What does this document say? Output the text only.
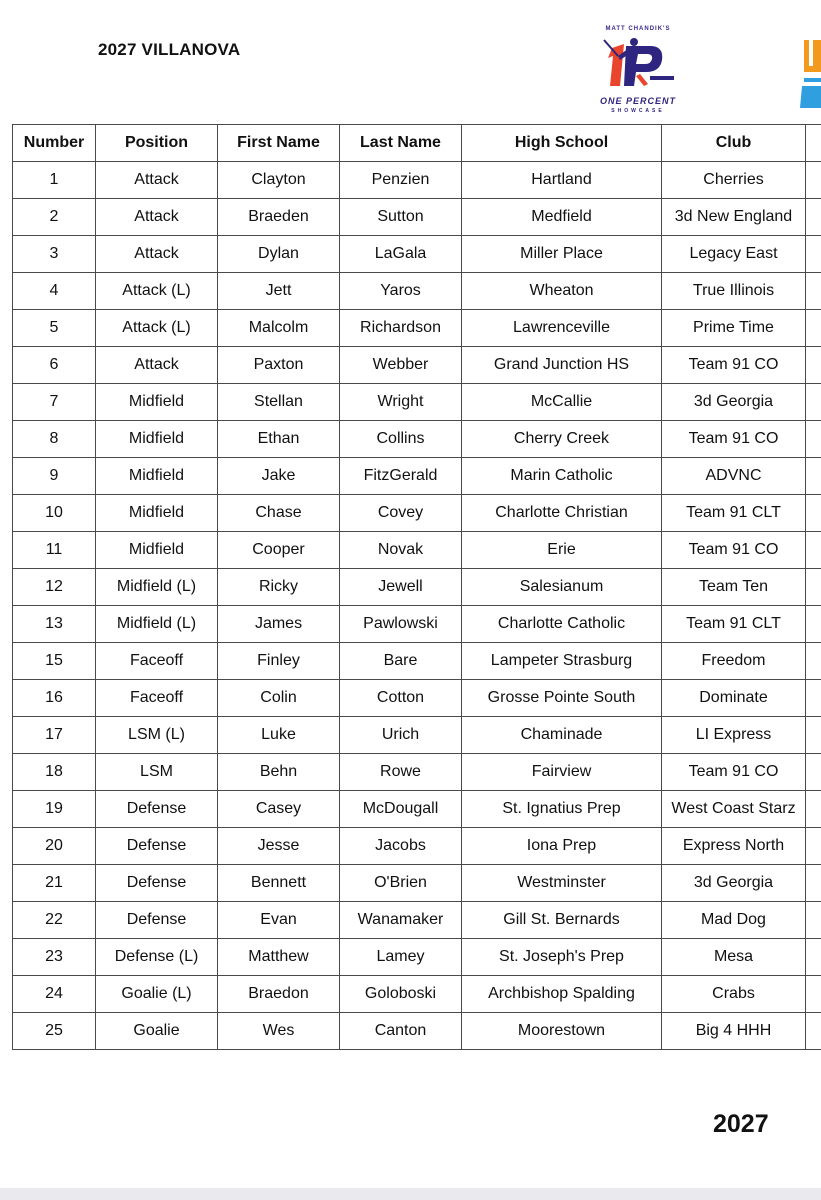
2027 VILLANOVA
MATT CHANDIK'S
ONE PERCENT
SHOWCASE
Number	Position	First Name	Last Name	High School	Club	
1	Attack	Clayton	Penzien	Hartland	Cherries	
2	Attack	Braeden	Sutton	Medfield	3d New England	
3	Attack	Dylan	LaGala	Miller Place	Legacy East	
4	Attack (L)	Jett	Yaros	Wheaton	True Illinois	
5	Attack (L)	Malcolm	Richardson	Lawrenceville	Prime Time	
6	Attack	Paxton	Webber	Grand Junction HS	Team 91 CO	
7	Midfield	Stellan	Wright	McCallie	3d Georgia	
8	Midfield	Ethan	Collins	Cherry Creek	Team 91 CO	
9	Midfield	Jake	FitzGerald	Marin Catholic	ADVNC	
10	Midfield	Chase	Covey	Charlotte Christian	Team 91 CLT	
11	Midfield	Cooper	Novak	Erie	Team 91 CO	
12	Midfield (L)	Ricky	Jewell	Salesianum	Team Ten	
13	Midfield (L)	James	Pawlowski	Charlotte Catholic	Team 91 CLT	
15	Faceoff	Finley	Bare	Lampeter Strasburg	Freedom	
16	Faceoff	Colin	Cotton	Grosse Pointe South	Dominate	
17	LSM (L)	Luke	Urich	Chaminade	LI Express	
18	LSM	Behn	Rowe	Fairview	Team 91 CO	
19	Defense	Casey	McDougall	St. Ignatius Prep	West Coast Starz	
20	Defense	Jesse	Jacobs	Iona Prep	Express North	
21	Defense	Bennett	O'Brien	Westminster	3d Georgia	
22	Defense	Evan	Wanamaker	Gill St. Bernards	Mad Dog	
23	Defense (L)	Matthew	Lamey	St. Joseph's Prep	Mesa	
24	Goalie (L)	Braedon	Goloboski	Archbishop Spalding	Crabs	
25	Goalie	Wes	Canton	Moorestown	Big 4 HHH	
2027
